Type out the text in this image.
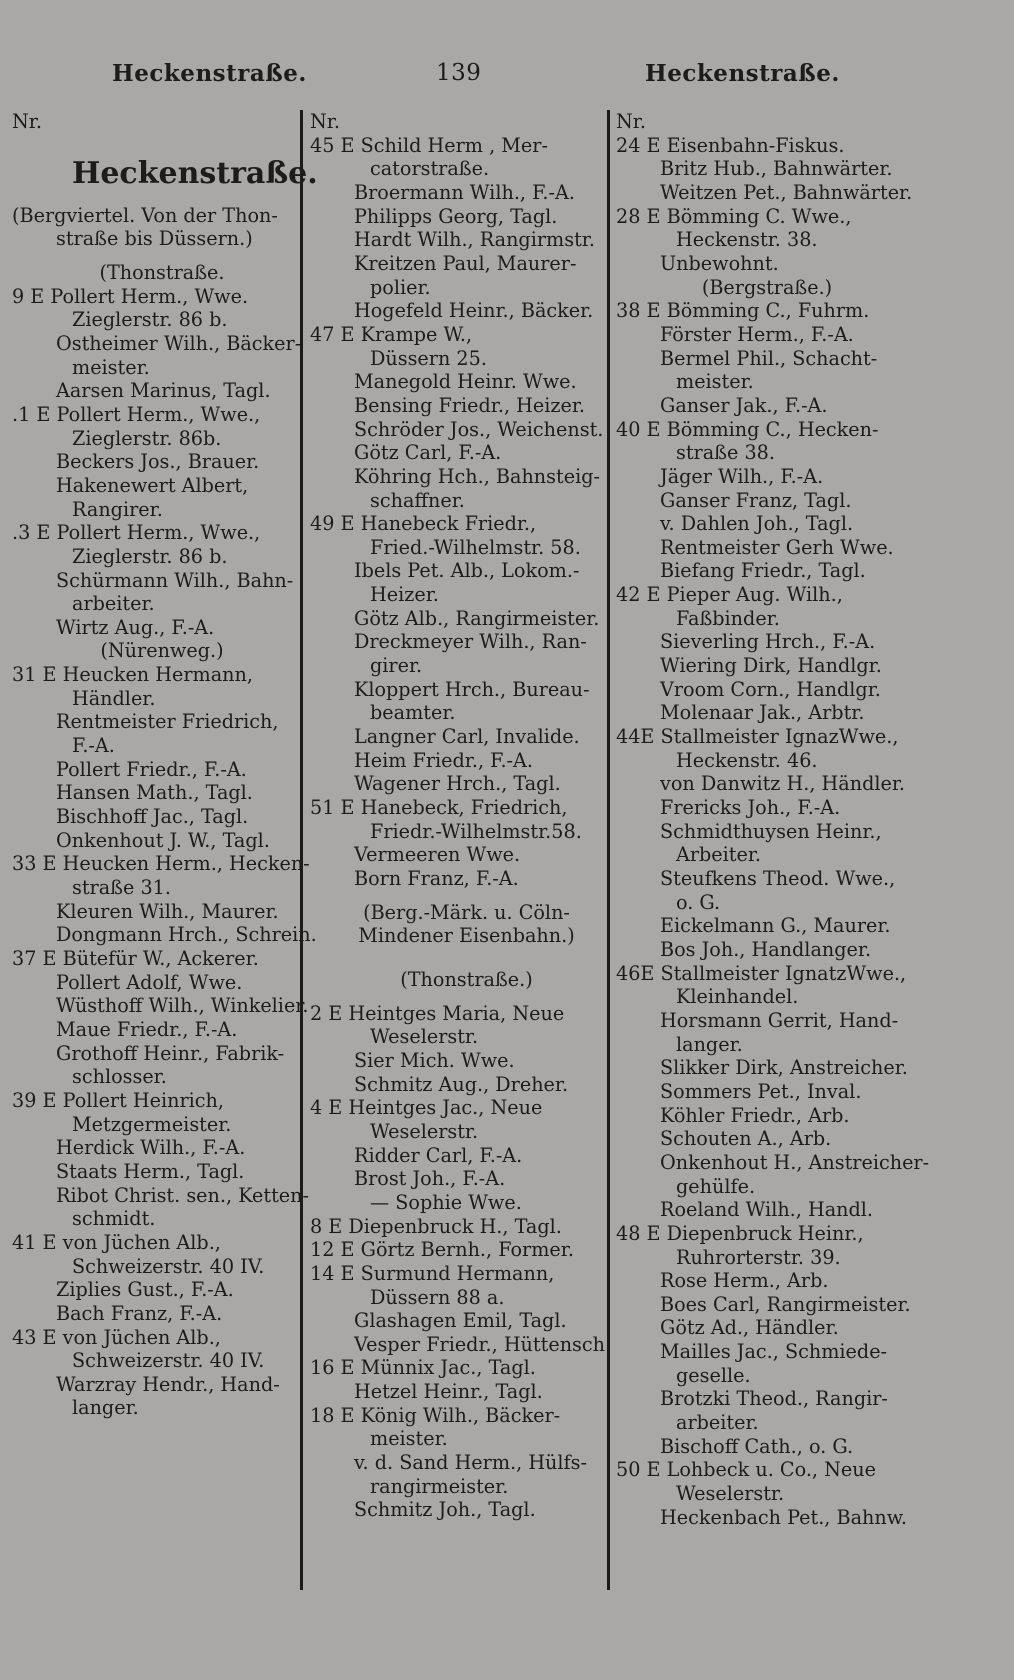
Heckenstraße.	139	Heckenstraße.
Nr.
Heckenstraße.
(Bergviertel. Von der Thon-
straße bis Düssern.)
(Thonstraße.
9 E Pollert Herm., Wwe.
Zieglerstr. 86 b.
Ostheimer Wilh., Bäcker-
meister.
Aarsen Marinus, Tagl.
.1 E Pollert Herm., Wwe.,
Zieglerstr. 86b.
Beckers Jos., Brauer.
Hakenewert Albert,
Rangirer.
.3 E Pollert Herm., Wwe.,
Zieglerstr. 86 b.
Schürmann Wilh., Bahn-
arbeiter.
Wirtz Aug., F.-A.
(Nürenweg.)
31 E Heucken Hermann,
Händler.
Rentmeister Friedrich,
F.-A.
Pollert Friedr., F.-A.
Hansen Math., Tagl.
Bischhoff Jac., Tagl.
Onkenhout J. W., Tagl.
33 E Heucken Herm., Hecken-
straße 31.
Kleuren Wilh., Maurer.
Dongmann Hrch., Schrein.
37 E Bütefür W., Ackerer.
Pollert Adolf, Wwe.
Wüsthoff Wilh., Winkelier.
Maue Friedr., F.-A.
Grothoff Heinr., Fabrik-
schlosser.
39 E Pollert Heinrich,
Metzgermeister.
Herdick Wilh., F.-A.
Staats Herm., Tagl.
Ribot Christ. sen., Ketten-
schmidt.
41 E von Jüchen Alb.,
Schweizerstr. 40 IV.
Ziplies Gust., F.-A.
Bach Franz, F.-A.
43 E von Jüchen Alb.,
Schweizerstr. 40 IV.
Warzray Hendr., Hand-
langer.
Nr.
45 E Schild Herm , Mer-
catorstraße.
Broermann Wilh., F.-A.
Philipps Georg, Tagl.
Hardt Wilh., Rangirmstr.
Kreitzen Paul, Maurer-
polier.
Hogefeld Heinr., Bäcker.
47 E Krampe W.,
Düssern 25.
Manegold Heinr. Wwe.
Bensing Friedr., Heizer.
Schröder Jos., Weichenst.
Götz Carl, F.-A.
Köhring Hch., Bahnsteig-
schaffner.
49 E Hanebeck Friedr.,
Fried.-Wilhelmstr. 58.
Ibels Pet. Alb., Lokom.-
Heizer.
Götz Alb., Rangirmeister.
Dreckmeyer Wilh., Ran-
girer.
Kloppert Hrch., Bureau-
beamter.
Langner Carl, Invalide.
Heim Friedr., F.-A.
Wagener Hrch., Tagl.
51 E Hanebeck, Friedrich,
Friedr.-Wilhelmstr.58.
Vermeeren Wwe.
Born Franz, F.-A.
(Berg.-Märk. u. Cöln-
Mindener Eisenbahn.)
(Thonstraße.)
2 E Heintges Maria, Neue
Weselerstr.
Sier Mich. Wwe.
Schmitz Aug., Dreher.
4 E Heintges Jac., Neue
Weselerstr.
Ridder Carl, F.-A.
Brost Joh., F.-A.
— Sophie Wwe.
8 E Diepenbruck H., Tagl.
12 E Görtz Bernh., Former.
14 E Surmund Hermann,
Düssern 88 a.
Glashagen Emil, Tagl.
Vesper Friedr., Hüttensch.
16 E Münnix Jac., Tagl.
Hetzel Heinr., Tagl.
18 E König Wilh., Bäcker-
meister.
v. d. Sand Herm., Hülfs-
rangirmeister.
Schmitz Joh., Tagl.
Nr.
24 E Eisenbahn-Fiskus.
Britz Hub., Bahnwärter.
Weitzen Pet., Bahnwärter.
28 E Bömming C. Wwe.,
Heckenstr. 38.
Unbewohnt.
(Bergstraße.)
38 E Bömming C., Fuhrm.
Förster Herm., F.-A.
Bermel Phil., Schacht-
meister.
Ganser Jak., F.-A.
40 E Bömming C., Hecken-
straße 38.
Jäger Wilh., F.-A.
Ganser Franz, Tagl.
v. Dahlen Joh., Tagl.
Rentmeister Gerh Wwe.
Biefang Friedr., Tagl.
42 E Pieper Aug. Wilh.,
Faßbinder.
Sieverling Hrch., F.-A.
Wiering Dirk, Handlgr.
Vroom Corn., Handlgr.
Molenaar Jak., Arbtr.
44E Stallmeister IgnazWwe.,
Heckenstr. 46.
von Danwitz H., Händler.
Frericks Joh., F.-A.
Schmidthuysen Heinr.,
Arbeiter.
Steufkens Theod. Wwe.,
o. G.
Eickelmann G., Maurer.
Bos Joh., Handlanger.
46E Stallmeister IgnatzWwe.,
Kleinhandel.
Horsmann Gerrit, Hand-
langer.
Slikker Dirk, Anstreicher.
Sommers Pet., Inval.
Köhler Friedr., Arb.
Schouten A., Arb.
Onkenhout H., Anstreicher-
gehülfe.
Roeland Wilh., Handl.
48 E Diepenbruck Heinr.,
Ruhrorterstr. 39.
Rose Herm., Arb.
Boes Carl, Rangirmeister.
Götz Ad., Händler.
Mailles Jac., Schmiede-
geselle.
Brotzki Theod., Rangir-
arbeiter.
Bischoff Cath., o. G.
50 E Lohbeck u. Co., Neue
Weselerstr.
Heckenbach Pet., Bahnw.
